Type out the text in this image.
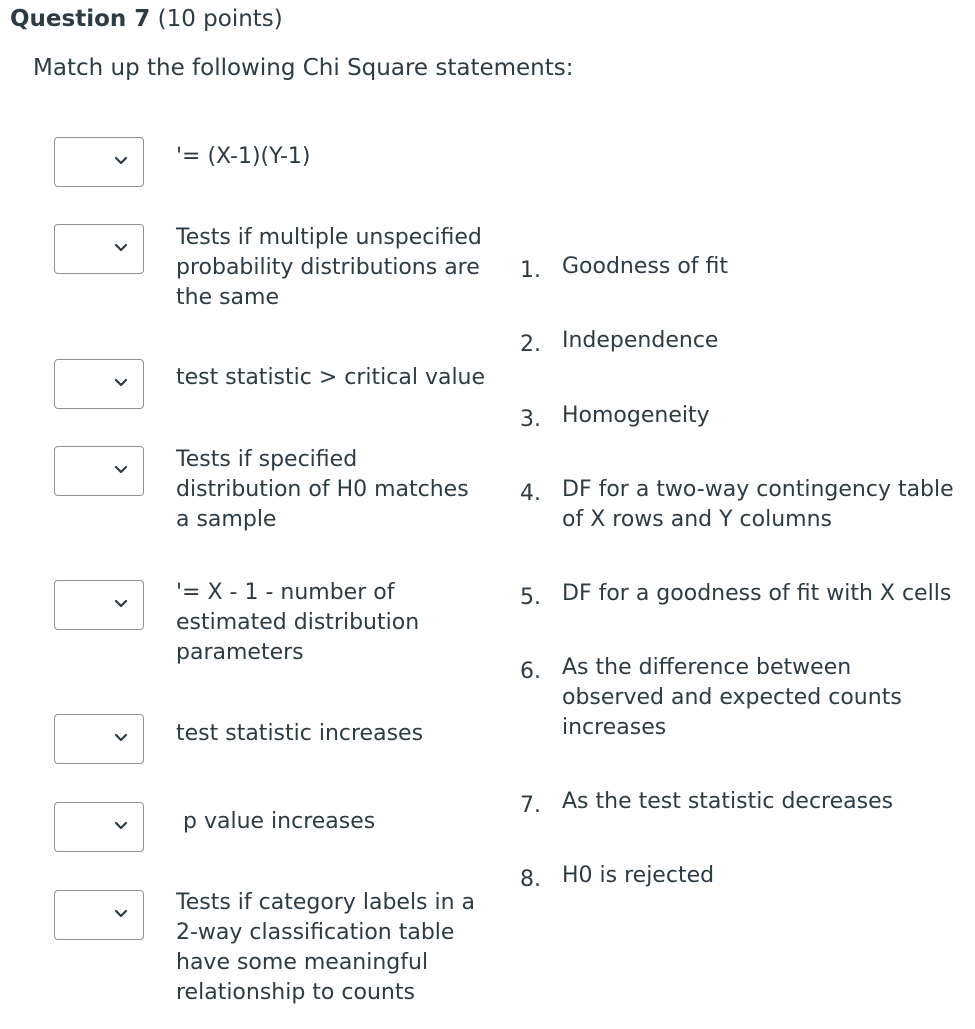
Question 7 (10 points)
Match up the following Chi Square statements:
'= (X-1)(Y-1)
Tests if multiple unspecified probability distributions are the same
test statistic > critical value
Tests if specified distribution of H0 matches a sample
'= X - 1 - number of estimated distribution parameters
test statistic increases
p value increases
Tests if category labels in a 2-way classification table have some meaningful relationship to counts
1. Goodness of fit
2. Independence
3. Homogeneity
4. DF for a two-way contingency table of X rows and Y columns
5. DF for a goodness of fit with X cells
6. As the difference between observed and expected counts increases
7. As the test statistic decreases
8. H0 is rejected
